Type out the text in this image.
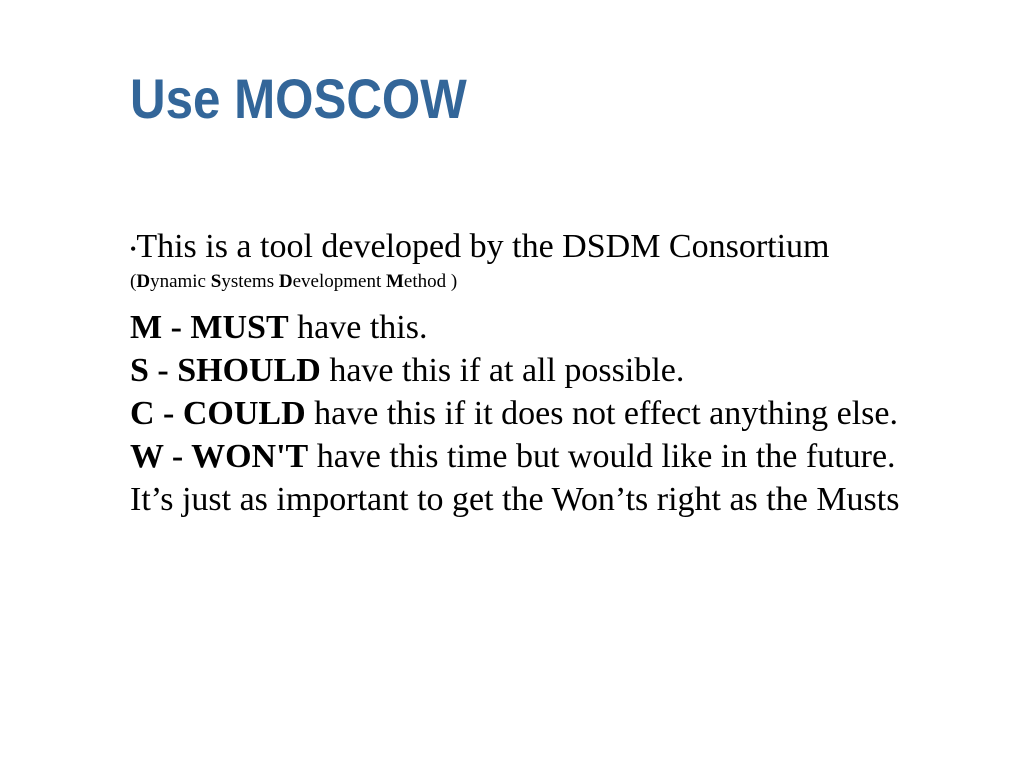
Use MOSCOW

•This is a tool developed by the DSDM Consortium

(Dynamic Systems Development Method )

M - MUST have this.
S - SHOULD have this if at all possible.
C - COULD have this if it does not effect anything else.
W - WON'T have this time but would like in the future.
It’s just as important to get the Won’ts right as the Musts
